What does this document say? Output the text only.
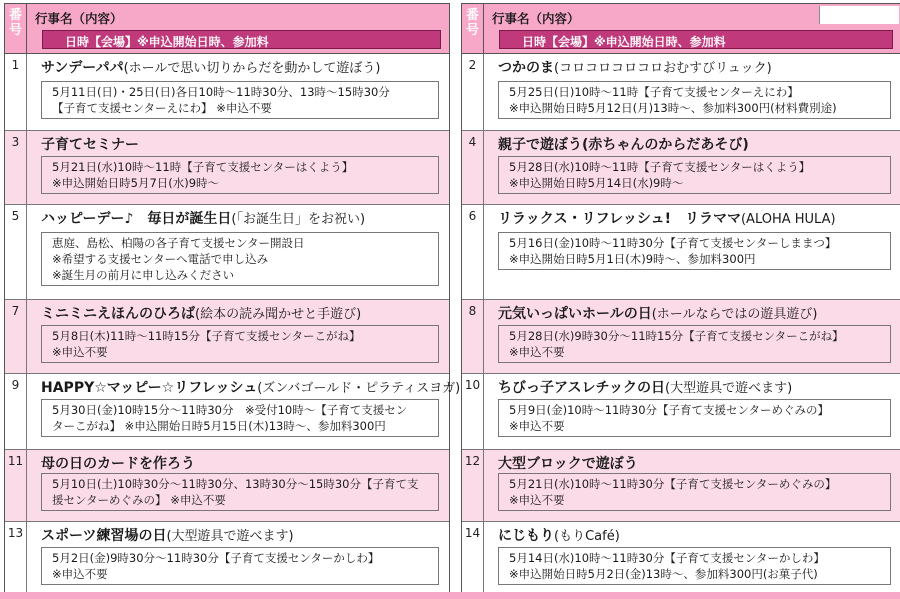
番
号
行事名（内容）
日時【会場】※申込開始日時、参加料
1	サンデーパパ(ホールで思い切りからだを動かして遊ぼう)
5月11日(日)・25日(日)各日10時～11時30分、13時～15時30分
【子育て支援センターえにわ】 ※申込不要
3	子育てセミナー
5月21日(水)10時～11時【子育て支援センターはくよう】
※申込開始日時5月7日(水)9時～
5	ハッピーデー♪　毎日が誕生日(「お誕生日」をお祝い)
恵庭、島松、柏陽の各子育て支援センター開設日
※希望する支援センターへ電話で申し込み
※誕生月の前月に申し込みください
7	ミニミニえほんのひろば(絵本の読み聞かせと手遊び)
5月8日(木)11時～11時15分【子育て支援センターこがね】
※申込不要
9	HAPPY☆マッピー☆リフレッシュ(ズンバゴールド・ピラティスヨガ)
5月30日(金)10時15分～11時30分　※受付10時～【子育て支援セン
ターこがね】 ※申込開始日時5月15日(木)13時～、参加料300円
11 母の日のカードを作ろう
5月10日(土)10時30分～11時30分、13時30分～15時30分【子育て支
援センターめぐみの】 ※申込不要
13 スポーツ練習場の日(大型遊具で遊べます)
5月2日(金)9時30分～11時30分【子育て支援センターかしわ】
※申込不要
番
号
行事名（内容）
日時【会場】※申込開始日時、参加料
2	つかのま(コロコロコロコロおむすびリュック)
5月25日(日)10時～11時【子育て支援センターえにわ】
※申込開始日時5月12日(月)13時～、参加料300円(材料費別途)
4	親子で遊ぼう(赤ちゃんのからだあそび)
5月28日(水)10時～11時【子育て支援センターはくよう】
※申込開始日時5月14日(水)9時～
6	リラックス・リフレッシュ!　リラママ(ALOHA HULA)
5月16日(金)10時～11時30分【子育て支援センターしままつ】
※申込開始日時5月1日(木)9時～、参加料300円
8	元気いっぱいホールの日(ホールならではの遊具遊び)
5月28日(水)9時30分～11時15分【子育て支援センターこがね】
※申込不要
10 ちびっ子アスレチックの日(大型遊具で遊べます)
5月9日(金)10時～11時30分【子育て支援センターめぐみの】
※申込不要
12 大型ブロックで遊ぼう
5月21日(水)10時～11時30分【子育て支援センターめぐみの】
※申込不要
14 にじもり(もりCafé)
5月14日(水)10時～11時30分【子育て支援センターかしわ】
※申込開始日時5月2日(金)13時～、参加料300円(お菓子代)
